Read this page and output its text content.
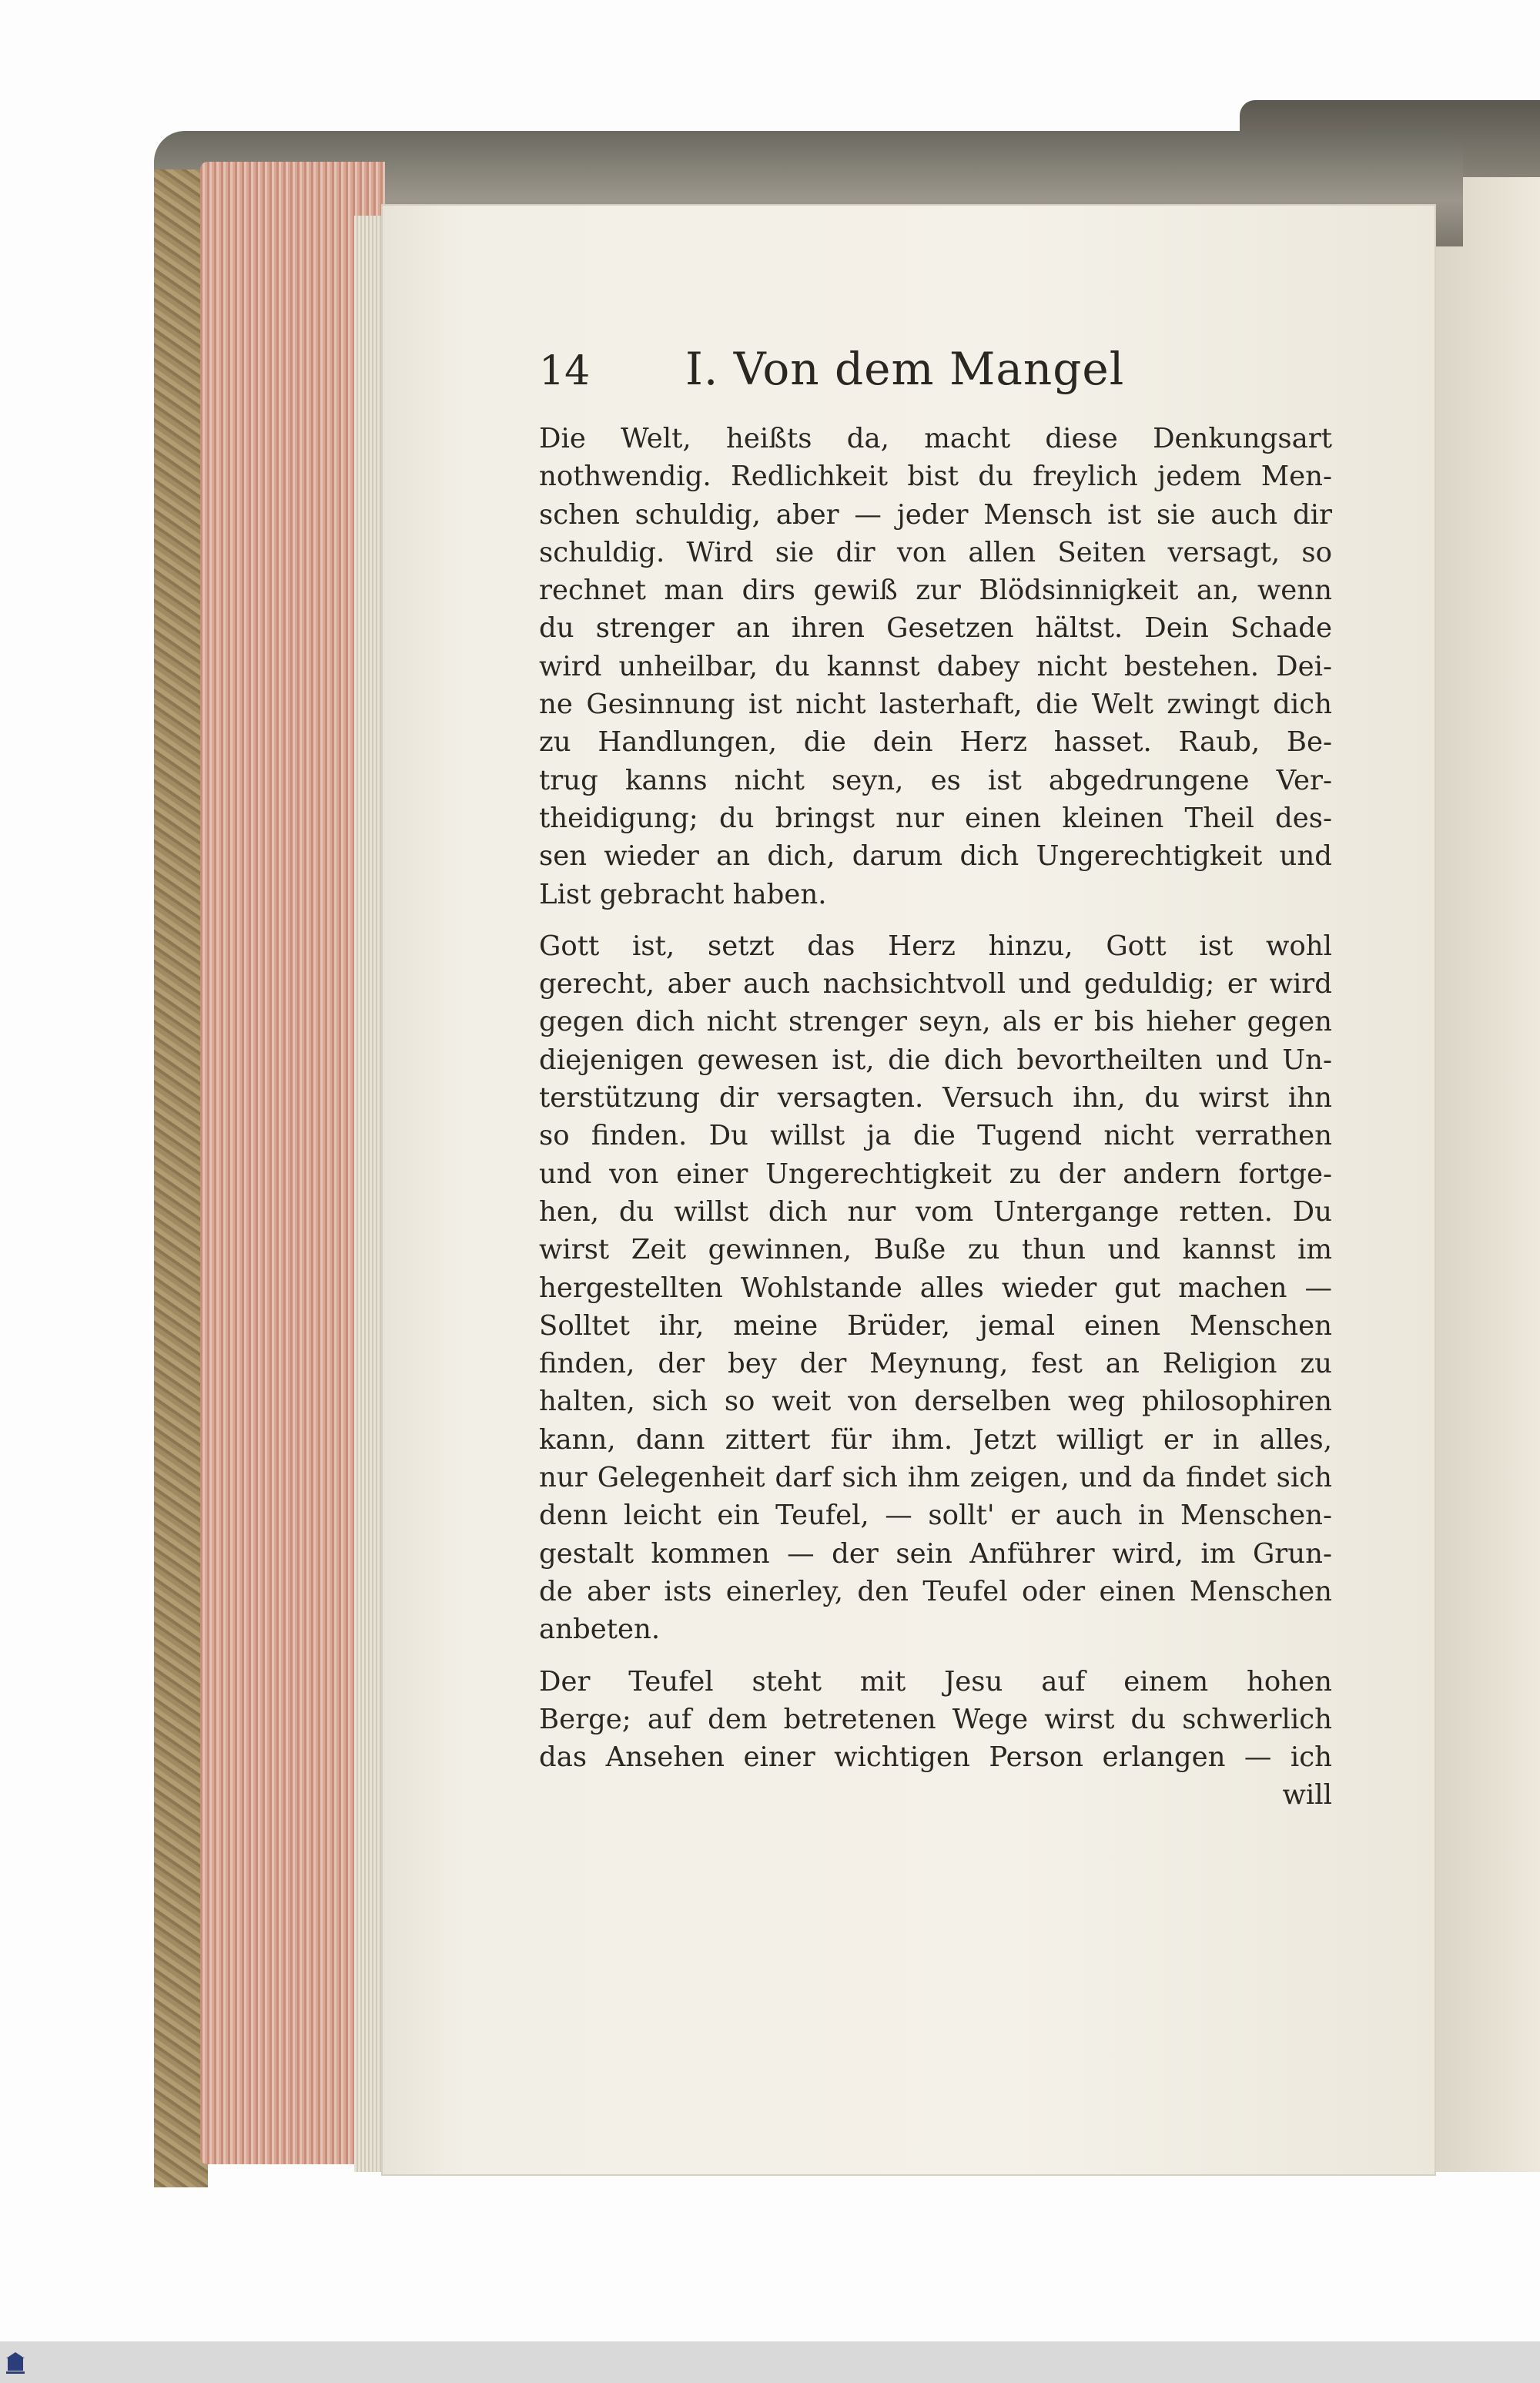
14	I. Von dem Mangel
Die Welt, heißts da, macht diese Denkungsart
nothwendig. Redlichkeit bist du freylich jedem Men-
schen schuldig, aber — jeder Mensch ist sie auch dir
schuldig. Wird sie dir von allen Seiten versagt, so
rechnet man dirs gewiß zur Blödsinnigkeit an, wenn
du strenger an ihren Gesetzen hältst. Dein Schade
wird unheilbar, du kannst dabey nicht bestehen. Dei-
ne Gesinnung ist nicht lasterhaft, die Welt zwingt dich
zu Handlungen, die dein Herz hasset. Raub, Be-
trug kanns nicht seyn, es ist abgedrungene Ver-
theidigung; du bringst nur einen kleinen Theil des-
sen wieder an dich, darum dich Ungerechtigkeit und
List gebracht haben.
Gott ist, setzt das Herz hinzu, Gott ist wohl
gerecht, aber auch nachsichtvoll und geduldig; er wird
gegen dich nicht strenger seyn, als er bis hieher gegen
diejenigen gewesen ist, die dich bevortheilten und Un-
terstützung dir versagten. Versuch ihn, du wirst ihn
so finden. Du willst ja die Tugend nicht verrathen
und von einer Ungerechtigkeit zu der andern fortge-
hen, du willst dich nur vom Untergange retten. Du
wirst Zeit gewinnen, Buße zu thun und kannst im
hergestellten Wohlstande alles wieder gut machen —
Solltet ihr, meine Brüder, jemal einen Menschen
finden, der bey der Meynung, fest an Religion zu
halten, sich so weit von derselben weg philosophiren
kann, dann zittert für ihm. Jetzt willigt er in alles,
nur Gelegenheit darf sich ihm zeigen, und da findet sich
denn leicht ein Teufel, — sollt' er auch in Menschen-
gestalt kommen — der sein Anführer wird, im Grun-
de aber ists einerley, den Teufel oder einen Menschen
anbeten.
Der Teufel steht mit Jesu auf einem hohen
Berge; auf dem betretenen Wege wirst du schwerlich
das Ansehen einer wichtigen Person erlangen — ich
will
